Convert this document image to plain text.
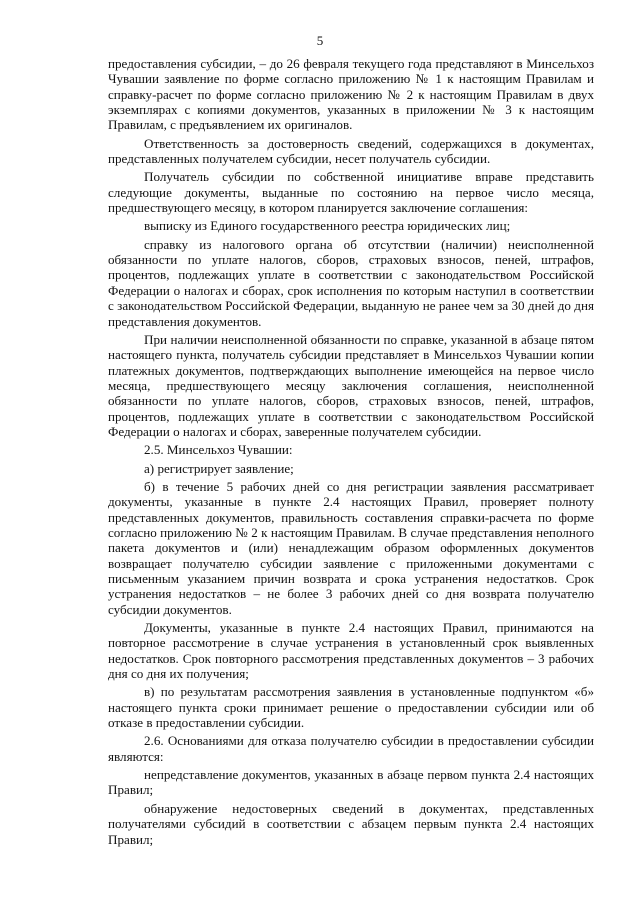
5

предоставления субсидии, – до 26 февраля текущего года представляют в Минсельхоз Чувашии заявление по форме согласно приложению № 1 к настоящим Правилам и справку-расчет по форме согласно приложению № 2 к настоящим Правилам в двух экземплярах с копиями документов, указанных в приложении № 3 к настоящим Правилам, с предъявлением их оригиналов.

Ответственность за достоверность сведений, содержащихся в документах, представленных получателем субсидии, несет получатель субсидии.

Получатель субсидии по собственной инициативе вправе представить следующие документы, выданные по состоянию на первое число месяца, предшествующего месяцу, в котором планируется заключение соглашения:

выписку из Единого государственного реестра юридических лиц;

справку из налогового органа об отсутствии (наличии) неисполненной обязанности по уплате налогов, сборов, страховых взносов, пеней, штрафов, процентов, подлежащих уплате в соответствии с законодательством Российской Федерации о налогах и сборах, срок исполнения по которым наступил в соответствии с законодательством Российской Федерации, выданную не ранее чем за 30 дней до дня представления документов.

При наличии неисполненной обязанности по справке, указанной в абзаце пятом настоящего пункта, получатель субсидии представляет в Минсельхоз Чувашии копии платежных документов, подтверждающих выполнение имеющейся на первое число месяца, предшествующего месяцу заключения соглашения, неисполненной обязанности по уплате налогов, сборов, страховых взносов, пеней, штрафов, процентов, подлежащих уплате в соответствии с законодательством Российской Федерации о налогах и сборах, заверенные получателем субсидии.

2.5. Минсельхоз Чувашии:

а) регистрирует заявление;

б) в течение 5 рабочих дней со дня регистрации заявления рассматривает документы, указанные в пункте 2.4 настоящих Правил, проверяет полноту представленных документов, правильность составления справки-расчета по форме согласно приложению № 2 к настоящим Правилам. В случае представления неполного пакета документов и (или) ненадлежащим образом оформленных документов возвращает получателю субсидии заявление с приложенными документами с письменным указанием причин возврата и срока устранения недостатков. Срок устранения недостатков – не более 3 рабочих дней со дня возврата получателю субсидии документов.

Документы, указанные в пункте 2.4 настоящих Правил, принимаются на повторное рассмотрение в случае устранения в установленный срок выявленных недостатков. Срок повторного рассмотрения представленных документов – 3 рабочих дня со дня их получения;

в) по результатам рассмотрения заявления в установленные подпунктом «б» настоящего пункта сроки принимает решение о предоставлении субсидии или об отказе в предоставлении субсидии.

2.6. Основаниями для отказа получателю субсидии в предоставлении субсидии являются:

непредставление документов, указанных в абзаце первом пункта 2.4 настоящих Правил;

обнаружение недостоверных сведений в документах, представленных получателями субсидий в соответствии с абзацем первым пункта 2.4 настоящих Правил;
